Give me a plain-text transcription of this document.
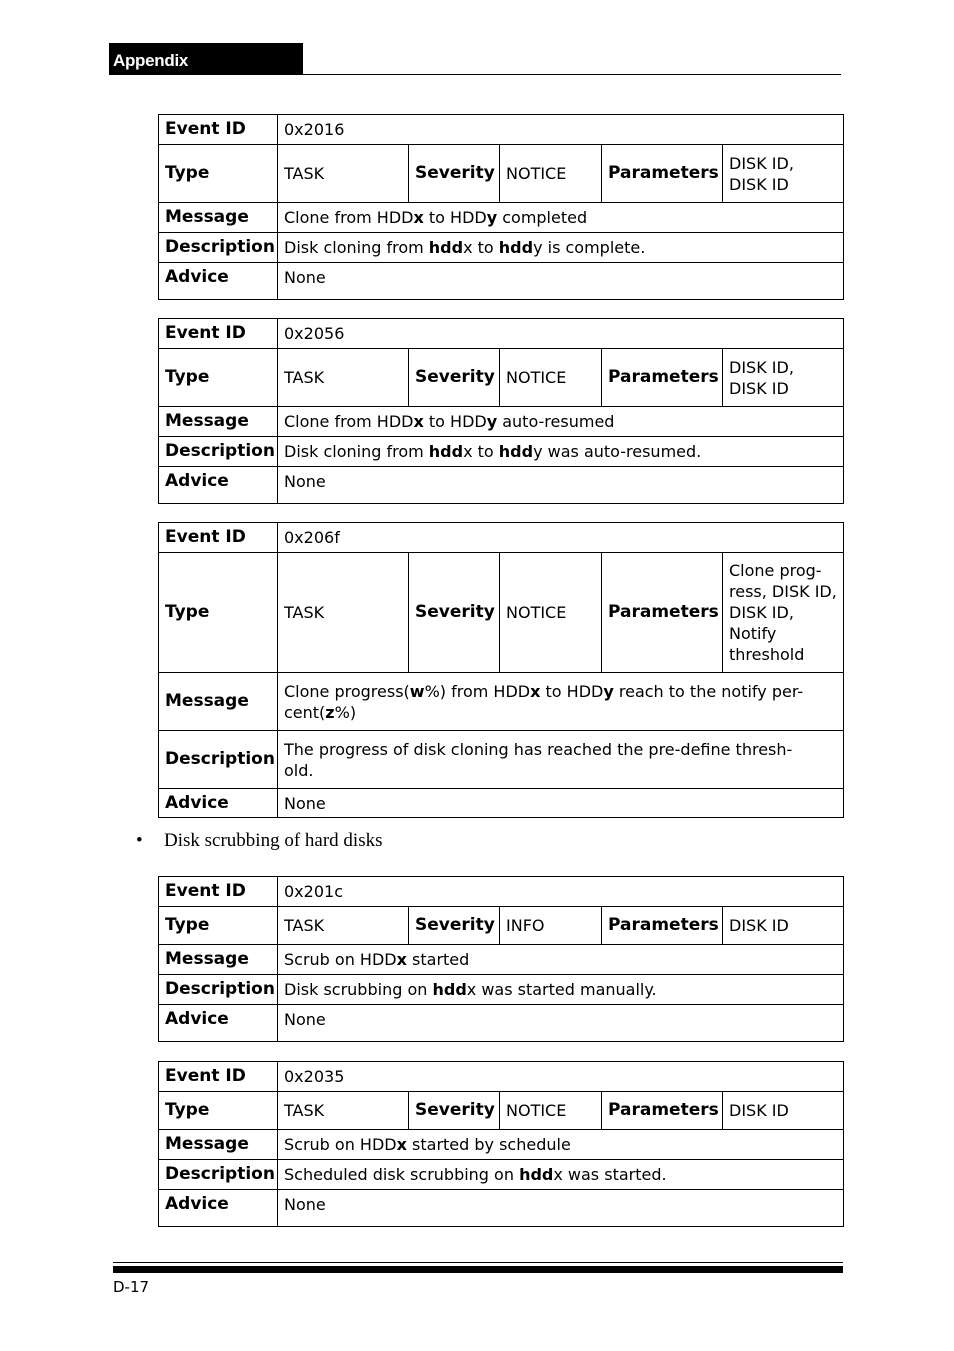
Appendix
Event ID	0x2016				
Type	TASK	Severity	NOTICE	Parameters	DISK ID,
DISK ID
Message	Clone from HDDx to HDDy completed				
Description	Disk cloning from hddx to hddy is complete.				
Advice	None				
Event ID	0x2056				
Type	TASK	Severity	NOTICE	Parameters	DISK ID,
DISK ID
Message	Clone from HDDx to HDDy auto-resumed				
Description	Disk cloning from hddx to hddy was auto-resumed.				
Advice	None				
Event ID	0x206f				
Type	TASK	Severity	NOTICE	Parameters	Clone prog-
ress, DISK ID,
DISK ID,
Notify
threshold
Message	Clone progress(w%) from HDDx to HDDy reach to the notify per-
cent(z%)				
Description	The progress of disk cloning has reached the pre-define thresh-
old.				
Advice	None				
Event ID	0x201c				
Type	TASK	Severity	INFO	Parameters	DISK ID
Message	Scrub on HDDx started				
Description	Disk scrubbing on hddx was started manually.				
Advice	None				
Event ID	0x2035				
Type	TASK	Severity	NOTICE	Parameters	DISK ID
Message	Scrub on HDDx started by schedule				
Description	Scheduled disk scrubbing on hddx was started.				
Advice	None				
• Disk scrubbing of hard disks
D-17
